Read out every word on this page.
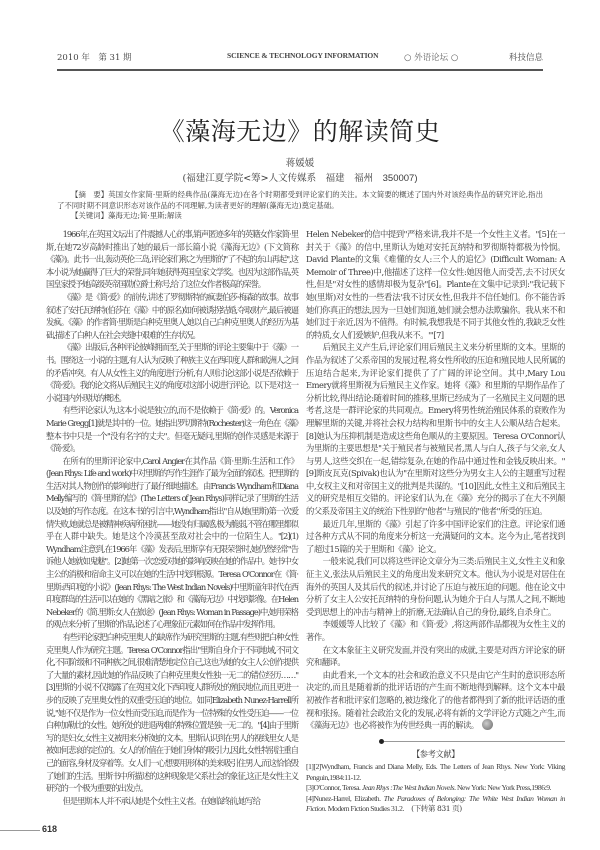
2010 年　第 31 期	SCIENCE & TECHNOLOGY INFORMATION	○ 外语论坛 ○	科技信息
《藻海无边》的解读简史
蒋媛媛
(福建江夏学院<筹>人文传媒系　福建　福州　 350007)

【摘　要】英国女作家简·里斯的经典作品(藻海无边)在各个时期都受到评论家们的关注。本文简要的概述了国内外对该经典作品的研究评论,指出了不同时期不同意识形态对该作品的不同理解,为读者更好的理解(藻海无边)奠定基础。

【关键词】藻海无边;简·里斯;解读

1966年,在英国文坛出了件震撼人心的事,销声匿迹多年的英籍女作家简·里斯,在她72岁高龄时推出了她的最后一部长篇小说《藻海无边》(下文简称《藻》)。此书一出,轰动英伦三岛,评论家们称之为里斯的"了不起的东山再起",这本小说为她赢得了巨大的荣誉,同年她获得英国皇家文学奖。也因为这部作品,英国皇家授予她高级英帝国勋位爵士称号,给了这位女作者极高的荣誉。

《藻》是《简·爱》的前传,讲述了罗彻斯特的疯妻伯莎·梅森的故事。故事叙述了安托瓦纳特(伯莎在《藻》中的原名)如何被诱拐结婚,夺取财产,最后被逼发疯。《藻》的作者简·里斯是白种克里奥人,她以自己白种克里奥人的经历为基础,描述了白种人在社会夹缝中艰难的生存状况。

《藻》出版后,各种评论彼峰拥而至,关于里斯的评论主要集中于《藻》一书。围绕这一小说的主题,有人认为反映了种族主义在西印度人群和欧洲人之间的矛盾冲突。有人从女性主义的角度进行分析,有人则讨论这部小说是否依赖于《简·爱》。我的论文将从后殖民主义的角度对这部小说进行评论。以下是对这一小说国内外现状的概述。

有些评论家认为,这本小说是独立的,而不是依赖于《简·爱》的。Veronica Marie Gregg[1]就是其中的一位。她指出罗切斯特(Rochester)这一角色在《藻》整本书中只是一个"没有名字的丈夫"。但毫无疑问,里斯的创作灵感是来源于《简·爱》。

在所有的里斯评论家中,Carol Angier在其作品《简·里斯:生活和工作》(Jean Rhys: Life and work)中对里斯的写作生涯作了最为全面的叙述。把里斯的生活对其人物创作的影响进行了最仔细地描述。由Francis Wyndham和Diana Melly编写的《简·里斯的信》(The Letters of Jean Rhys)同样记录了里斯的生活以及她的写作态度。在这本书的引言中,Wyndham指出"自从她(里斯)第一次爱情失败,她就总是被精神疾病所困扰——她没有归属感,极为脆弱,不管在哪里都似乎在人群中缺失。她是这个冷漠甚至敌对社会中的一位陌生人。"[2](1) Wyndham注意到,在1966年《藻》发表后,里斯享有无限荣誉时,她仍然经常"告诉他人她就如鬼魅"。[2]她第一次恋爱对她的影响反映在她的作品中。她书中女主公的消极和宿命主义可以在她的生活中找到根源。Teresa O'Connor在《简·里斯:西印度的小说》(Jean Rhys: The West Indian Novels)中里斯童年时代在西印度群岛的生活可以在她的《黑暗之旅》和《藻海无边》中找到影像。在Helen Nebeker的《简.里斯:女人在旅途》(Jean Rhys: Woman in Passage)中,她用荣格的观点来分析了里斯的作品,论述了心理象征元素如何在作品中发挥作用。

有些评论家把白种克里奥人的缺席作为研究里斯的主题,有些则把白种女性克里奥人作为研究主题。Teresa O'Connor指出"里斯自身介于不同地域,不同文化,不同阶级和不同种族之间,很难清楚地定位自己,这也为她的女主人公创作提供了大量的素材,因此她的作品反映了白种克里奥女性独一无二的错位经历……"[3]里斯的小说不仅揭露了在英国文化下西印度人群所处的殖民地位,而且更进一步的反映了克里奥女性的双重受压迫的地位。如同Elizabeth Nunez-Harrell所说,"她不仅是作为一位女性而受压迫,而是作为一位特殊的女性受压迫——一位白种加勒比的女性。她所处的进退两难的特殊位置是独一无二的。"[4]由于里斯写的是妇女,女性主义被用来分析她的文本。里斯认识到在男人的视线里女人是被如何悲哀的定位的。女人的价值在于她们身体的吸引力,因此,女性特别注重自己的面容,身材及穿着等。女人们一心想要用形体的美来吸引住男人,而这恰恰毁了她们的生活。里斯书中所描述的这种现象是父系社会的象征,这正是女性主义研究的一个极为重要的出发点。

但是里斯本人并不承认她是个女性主义者。在她临终前,她写给

Helen Nebeker的信中提到"严格来讲,我并不是一个女性主义者。"[5]在一封关于《藻》的信中,里斯认为她对安托瓦纳特和罗彻斯特都极为怜悯。David Plante的文集《难懂的女人:三个人的追忆》(Difficult Woman: A Memoir of Three)中,他描述了这样一位女性:她因他人而受苦,去不讨厌女性,但是"对女性的感情却极为复杂"[6]。Plante在文集中记录到:"我记载下她(里斯)对女性的一些看法'我不讨厌女性,但我并不信任她们。你不能告诉她们你真正的想法,因为一旦她们知道,她们就会想办法欺骗你。我从来不和她们过于亲近,因为不值得。有时候,我想我是不同于其他女性的,我缺乏女性的特质,女人们爱嫉妒,但我从来不。'"[7]

后殖民主义产生后,评论家们用后殖民主义来分析里斯的文本。里斯的作品为叙述了父系帝国的发展过程,将女性所收的压迫和殖民地人民所属的压迫结合起来,为评论家们提供了了广阔的评论空间。其中,Mary Lou Emery就将里斯视为后殖民主义作家。她将《藻》和里斯的早期作品作了分析比较,得出结论:随着时间的推移,里斯已经成为了一名殖民主义问题的思考者,这是一群评论家的共同观点。Emery将男性统治殖民体系的衰败作为理解里斯的关键,并将社会权力结构和里斯书中的女主人公顺从结合起来。[8]她认为压抑机制是造成这些角色顺从的主要原因。Teresa O'Connor认为里斯的主要思想是"关于殖民者与被殖民者,黑人与白人,孩子与父亲,女人与男人,这些交织在一起,错综复杂,在她的作品中通过性和金钱反映出来。"[9]斯皮瓦克(Spivak)也认为"在里斯对这些分为男女主人公的主题重写过程中,女权主义和对帝国主义的批判是共谋的。"[10]因此,女性主义和后殖民主义的研究是相互交错的。评论家们认为,在《藻》充分的揭示了在大不列颠的父系及帝国主义的统治下性别的"他者"与殖民的"他者"所受的压迫。

最近几年,里斯的《藻》引起了许多中国评论家们的注意。评论家们通过各种方式从不同的角度来分析这一充满疑问的文本。迄今为止,笔者找到了超过15篇的关于里斯和《藻》论文。

一般来说,我们可以将这些评论文章分为三类:后殖民主义,女性主义和象征主义,张法从后殖民主义的角度出发来研究文本。他认为小说是对居住在海外的英国人及其后代的叙述,并讨论了压迫与被压迫的问题。他在论文中分析了女主人公安托瓦纳特的身份问题,认为她介于白人与黑人之间,不断地受到思想上的冲击与精神上的折磨,无法确认自己的身份,最终,自杀身亡。

李媛媛等人比较了《藻》和《简·爱》,将这两部作品都视为女性主义的著作。

在文本象征主义研究发面,并没有突出的成就,主要是对西方评论家的研究和翻译。

由此看来,一个文本的社会和政治意义不只是由它产生时的意识形态所决定的,而且是随着新的批评话语的产生而不断地得到解释。这个文本中最初被作者和批评家们忽略的,被边缘化了的他者都得到了新的批评话语的重视和张扬。随着社会政治文化的发展,必将有新的文学评论方式随之产生,而《藻海无边》也必将被作为传世经典一再的解读。

【参考文献】

[1][2]Wyndham, Francis and Diana Melly, Eds. The Letters of Jean Rhys. New York: Viking Penguin,1984:11-12.

[3]O'Connor, Teresa. Jean Rhys :The West Indian Novels. New York: New York Press,1986:9.

[4]Nunez-Harrel, Elizabeth. The Paradoxes of Belonging: The White West Indian Woman in Fiction. Modern Fiction Studies 31.2.　 (下转第 831 页)

618
